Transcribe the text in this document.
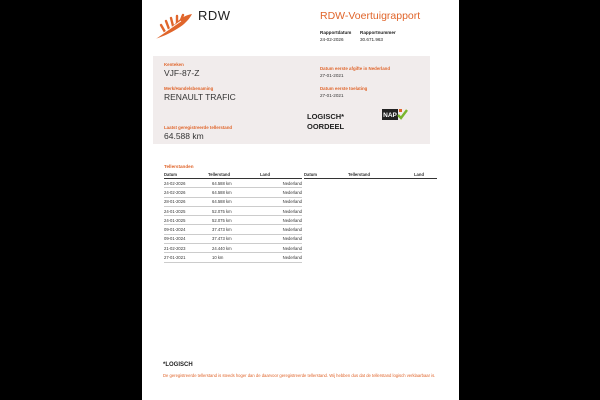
RDW	RDW-Voertuigrapport
Rapportdatum
24-02-2026
Rapportnummer
30.671.963
Kenteken
VJF-87-Z
Merk/Handelsbenaming
RENAULT TRAFIC
Laatst geregistreerde tellerstand
64.588 km
Datum eerste afgifte in Nederland
27-01-2021
Datum eerste toelating
27-01-2021
LOGISCH*
OORDEEL
NAP
Tellerstanden
Datum	Tellerstand	Land
24-02-2026	64.588 km	Nederland
24-02-2026	64.588 km	Nederland
28-01-2026	64.588 km	Nederland
24-01-2025	52.075 km	Nederland
24-01-2025	52.075 km	Nederland
09-01-2024	37.473 km	Nederland
09-01-2024	37.473 km	Nederland
21-02-2023	24.440 km	Nederland
27-01-2021	10 km	Nederland
Datum	Tellerstand	Land
*LOGISCH
De geregistreerde tellerstand is steeds hoger dan de daarvoor geregistreerde tellerstand. Wij hebben dus dat de tellerstand logisch verklaarbaar is.
